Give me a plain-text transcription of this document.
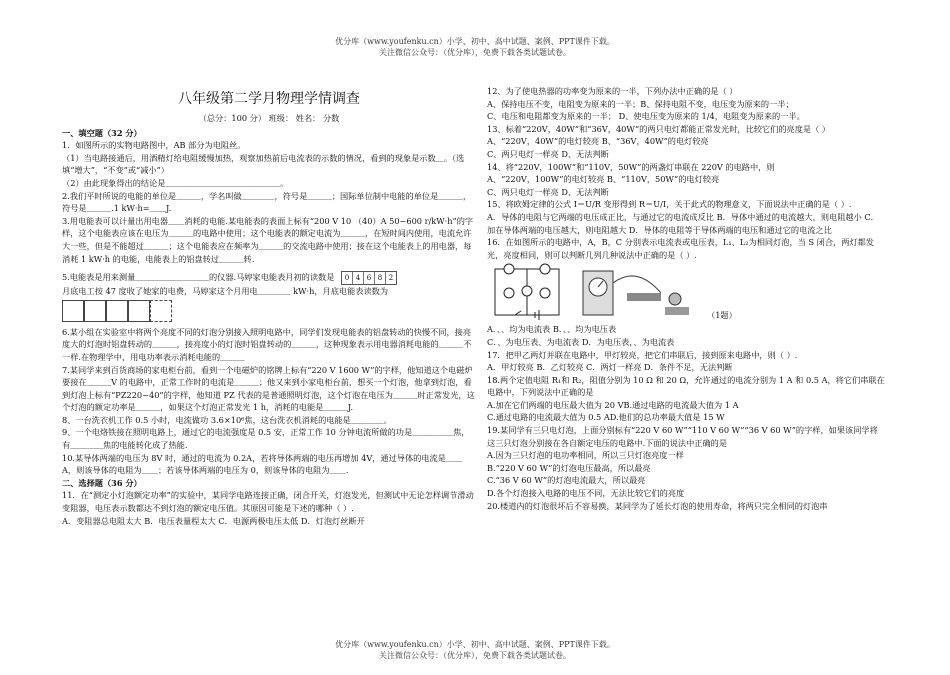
优分库（www.youfenku.cn）小学、初中、高中试题、案例、PPT课件下载。
关注微信公众号：（优分库），免费下载各类试题试卷。
八年级第二学月物理学情调查
（总分：100 分） 班级： 姓名： 分数

一、填空题（32 分）

1．如图所示的实物电路图中，AB 部分为电阻丝。

（1）当电路接通后，用酒精灯给电阻缓慢加热，观察加热前后电流表的示数的情况，看到的现象是示数＿。（选填“增大”，“不变”或“减小”）

（2）由此现象得出的结论是＿＿＿＿＿＿＿＿＿＿＿＿＿＿。

2.我们平时所说的电能的单位是＿＿＿，学名叫做＿＿＿＿，符号是＿＿＿；国际单位制中电能的单位是＿＿＿，符号是＿＿＿.1 kW·h=＿＿J.

3.用电能表可以计量出用电器＿＿消耗的电能.某电能表的表面上标有“200 V 10 （40）A 50~600 r/kW·h”的字样，这个电能表应该在电压为＿＿＿的电路中使用；这个电能表的额定电流为＿＿＿，在短时间内使用，电流允许大一些，但是不能超过＿＿＿；这个电能表应在频率为＿＿＿的交流电路中使用；接在这个电能表上的用电器，每消耗 1 kW·h 的电能，电能表上的铝盘转过＿＿＿转.

5.电能表是用来测量＿＿＿＿＿＿＿＿＿的仪器.马婷家电能表月初的读数是	0 4 6 8 2

月底电工按 47 度收了她家的电费，马婷家这个月用电＿＿＿＿ kW·h，月底电能表读数为

6.某小组在实验室中将两个亮度不同的灯泡分别接入照明电路中，同学们发现电能表的铝盘转动的快慢不同，接亮度大的灯泡时铝盘转动的＿＿＿，接亮度小的灯泡时铝盘转动的＿＿＿，这种现象表示用电器消耗电能的＿＿＿不一样.在物理学中，用电功率表示消耗电能的＿＿＿

7.某同学来到百货商场的家电柜台前，看到一个电磁炉的铭牌上标有“220 V 1600 W”的字样，他知道这个电磁炉要接在＿＿＿V 的电路中，正常工作时的电流是＿＿＿；他又来到小家电柜台前，想买一个灯泡，他拿到灯泡，看到灯泡上标有“PZ220~40”的字样，他知道 PZ 代表的是普通照明灯泡，这个灯泡在电压为＿＿＿时正常发光，这个灯泡的额定功率是＿＿＿，如果这个灯泡正常发光 1 h，消耗的电能是＿＿＿J.

8、一台洗衣机工作 0.5 小时，电流做功 3.6×10⁶焦，这台洗衣机消耗的电能是＿＿＿＿。

9、一个电烙铁接在照明电路上，通过它的电流强度是 0.5 安，正常工作 10 分钟电流所做的功是＿＿＿＿＿焦，有＿＿＿＿焦的电能转化成了热能.

10.某导体两端的电压为 8V 时，通过的电流为 0.2A，若将导体两端的电压再增加 4V，通过导体的电流是＿＿A，则该导体的电阻为＿＿；若该导体两端的电压为 0，则该导体的电阻为＿＿.

二、选择题（36 分）

11．在“测定小灯泡额定功率”的实验中，某同学电路连接正确，闭合开关，灯泡发光，但测试中无论怎样调节滑动变阻器，电压表示数都达不到灯泡的额定电压值。其原因可能是下述的哪种（ ）.

A．变阻器总电阻太大 B．电压表量程太大 C．电源两极电压太低 D．灯泡灯丝断开

12、为了使电热器的功率变为原来的一半，下列办法中正确的是（ ）

A、保持电压不变，电阻变为原来的一半；B、保持电阻不变，电压变为原来的一半；

C、电压和电阻都变为原来的一半； D、使电压变为原来的 1/4，电阻变为原来的一半。

13、标着“220V，40W”和“36V，40W”的两只电灯都能正常发光时，比较它们的亮度是（ ）

A、“220V，40W”的电灯较亮 B、“36V，40W”的电灯较亮

C、两只电灯一样亮 D、无法判断

14、将“220V，100W”和“110V，50W”的两盏灯串联在 220V 的电路中，则

A、“220V，100W”的电灯较亮 B、“110V，50W”的电灯较亮

C、两只电灯一样亮 D、无法判断

15、将欧姆定律的公式 I＝U∕R 变形得到 R＝U∕I，关于此式的物理意义，下面说法中正确的是（ ）.

A．导体的电阻与它两端的电压成正比，与通过它的电流成反比 B．导体中通过的电流越大，则电阻越小 C．加在导体两端的电压越大，则电阻越大 D．导体的电阻等于导体两端的电压和通过它的电流之比

16．在如图所示的电路中，A，B，C 分别表示电流表或电压表，L₁、L₂为相同灯泡，当 S 闭合，两灯都发光，亮度相同，则可以判断几列几种说法中正确的是（ ）.

（1题）

A．、、均为电流表 B．、、均为电压表

C．、为电压表、为电流表 D．为电压表，、为电流表

17．把甲乙两灯并联在电路中，甲灯较亮，把它们串联后，接到原来电路中，则（ ）.

A．甲灯较亮 B．乙灯较亮 C．两灯一样亮 D．条件不足，无法判断

18.两个定值电阻 R₁和 R₂，阻值分别为 10 Ω 和 20 Ω，允许通过的电流分别为 1 A 和 0.5 A，将它们串联在电路中，下列说法中正确的是

A.加在它们两端的电压最大值为 20 VB.通过电路的电流最大值为 1 A

C.通过电路的电流最大值为 0.5 AD.他们的总功率最大值是 15 W

19.某同学有三只电灯泡，上面分别标有“220 V 60 W”“110 V 60 W”“36 V 60 W”的字样，如果该同学将这三只灯泡分别接在各自额定电压的电路中.下面的说法中正确的是

A.因为三只灯泡的电功率相同，所以三只灯泡亮度一样

B.“220 V 60 W”的灯泡电压最高，所以最亮

C.“36 V 60 W”的灯泡电流最大，所以最亮

D.各个灯泡接入电路的电压不同，无法比较它们的亮度

20.楼道内的灯泡很坏后不容易换，某同学为了延长灯泡的使用寿命，将两只完全相同的灯泡串

优分库（www.youfenku.cn）小学、初中、高中试题、案例、PPT课件下载。
关注微信公众号：（优分库），免费下载各类试题试卷。
